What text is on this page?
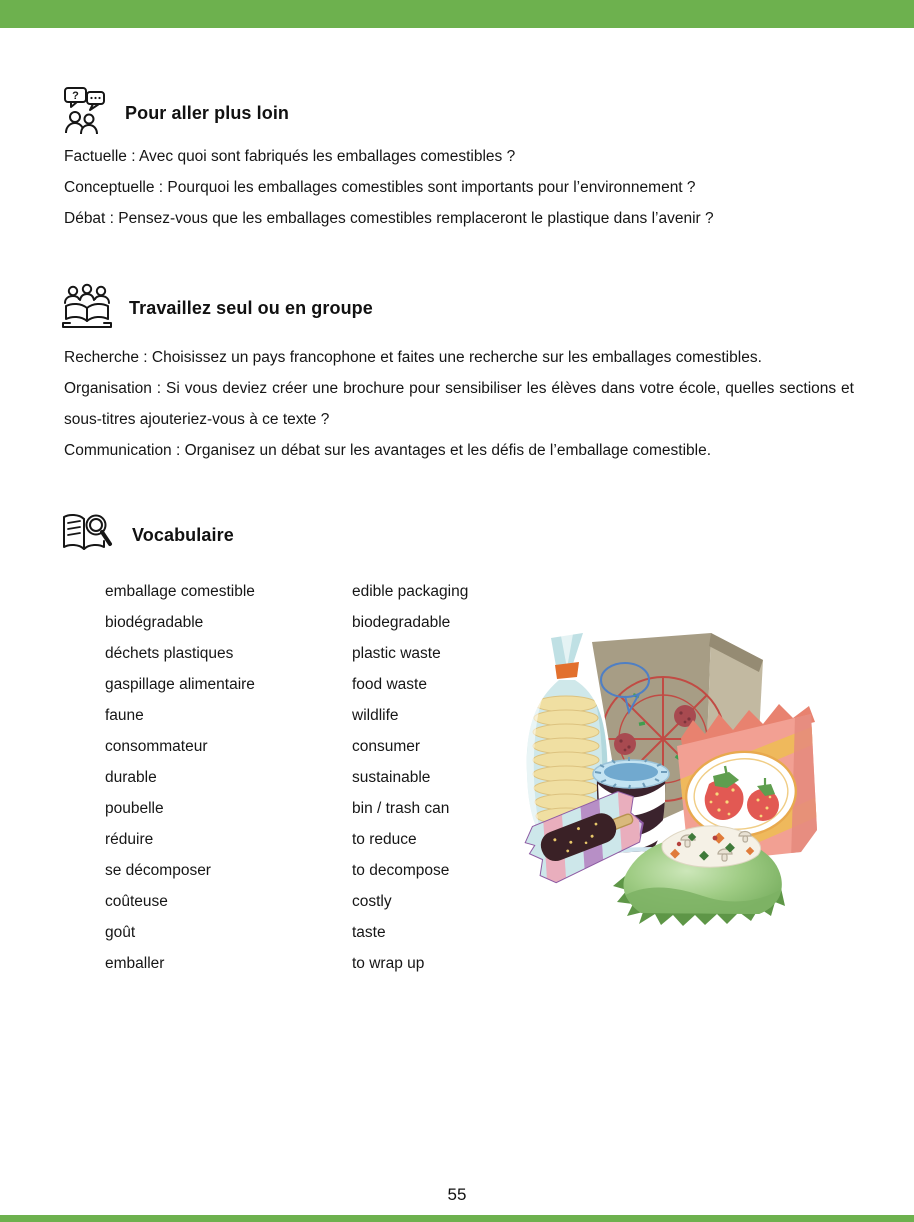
?
Pour aller plus loin

Factuelle : Avec quoi sont fabriqués les emballages comestibles ?

Conceptuelle : Pourquoi les emballages comestibles sont importants pour l’environnement ?

Débat : Pensez-vous que les emballages comestibles remplaceront le plastique dans l’avenir ?

Travaillez seul ou en groupe

Recherche : Choisissez un pays francophone et faites une recherche sur les emballages comestibles.

Organisation : Si vous deviez créer une brochure pour sensibiliser les élèves dans votre école, quelles sections et sous-titres ajouteriez-vous à ce texte ?

Communication : Organisez un débat sur les avantages et les défis de l’emballage comestible.

Vocabulaire
emballage comestible	edible packaging
biodégradable	biodegradable
déchets plastiques	plastic waste
gaspillage alimentaire	food waste
faune	wildlife
consommateur	consumer
durable	sustainable
poubelle	bin / trash can
réduire	to reduce
se décomposer	to decompose
coûteuse	costly
goût	taste
emballer	to wrap up
55
